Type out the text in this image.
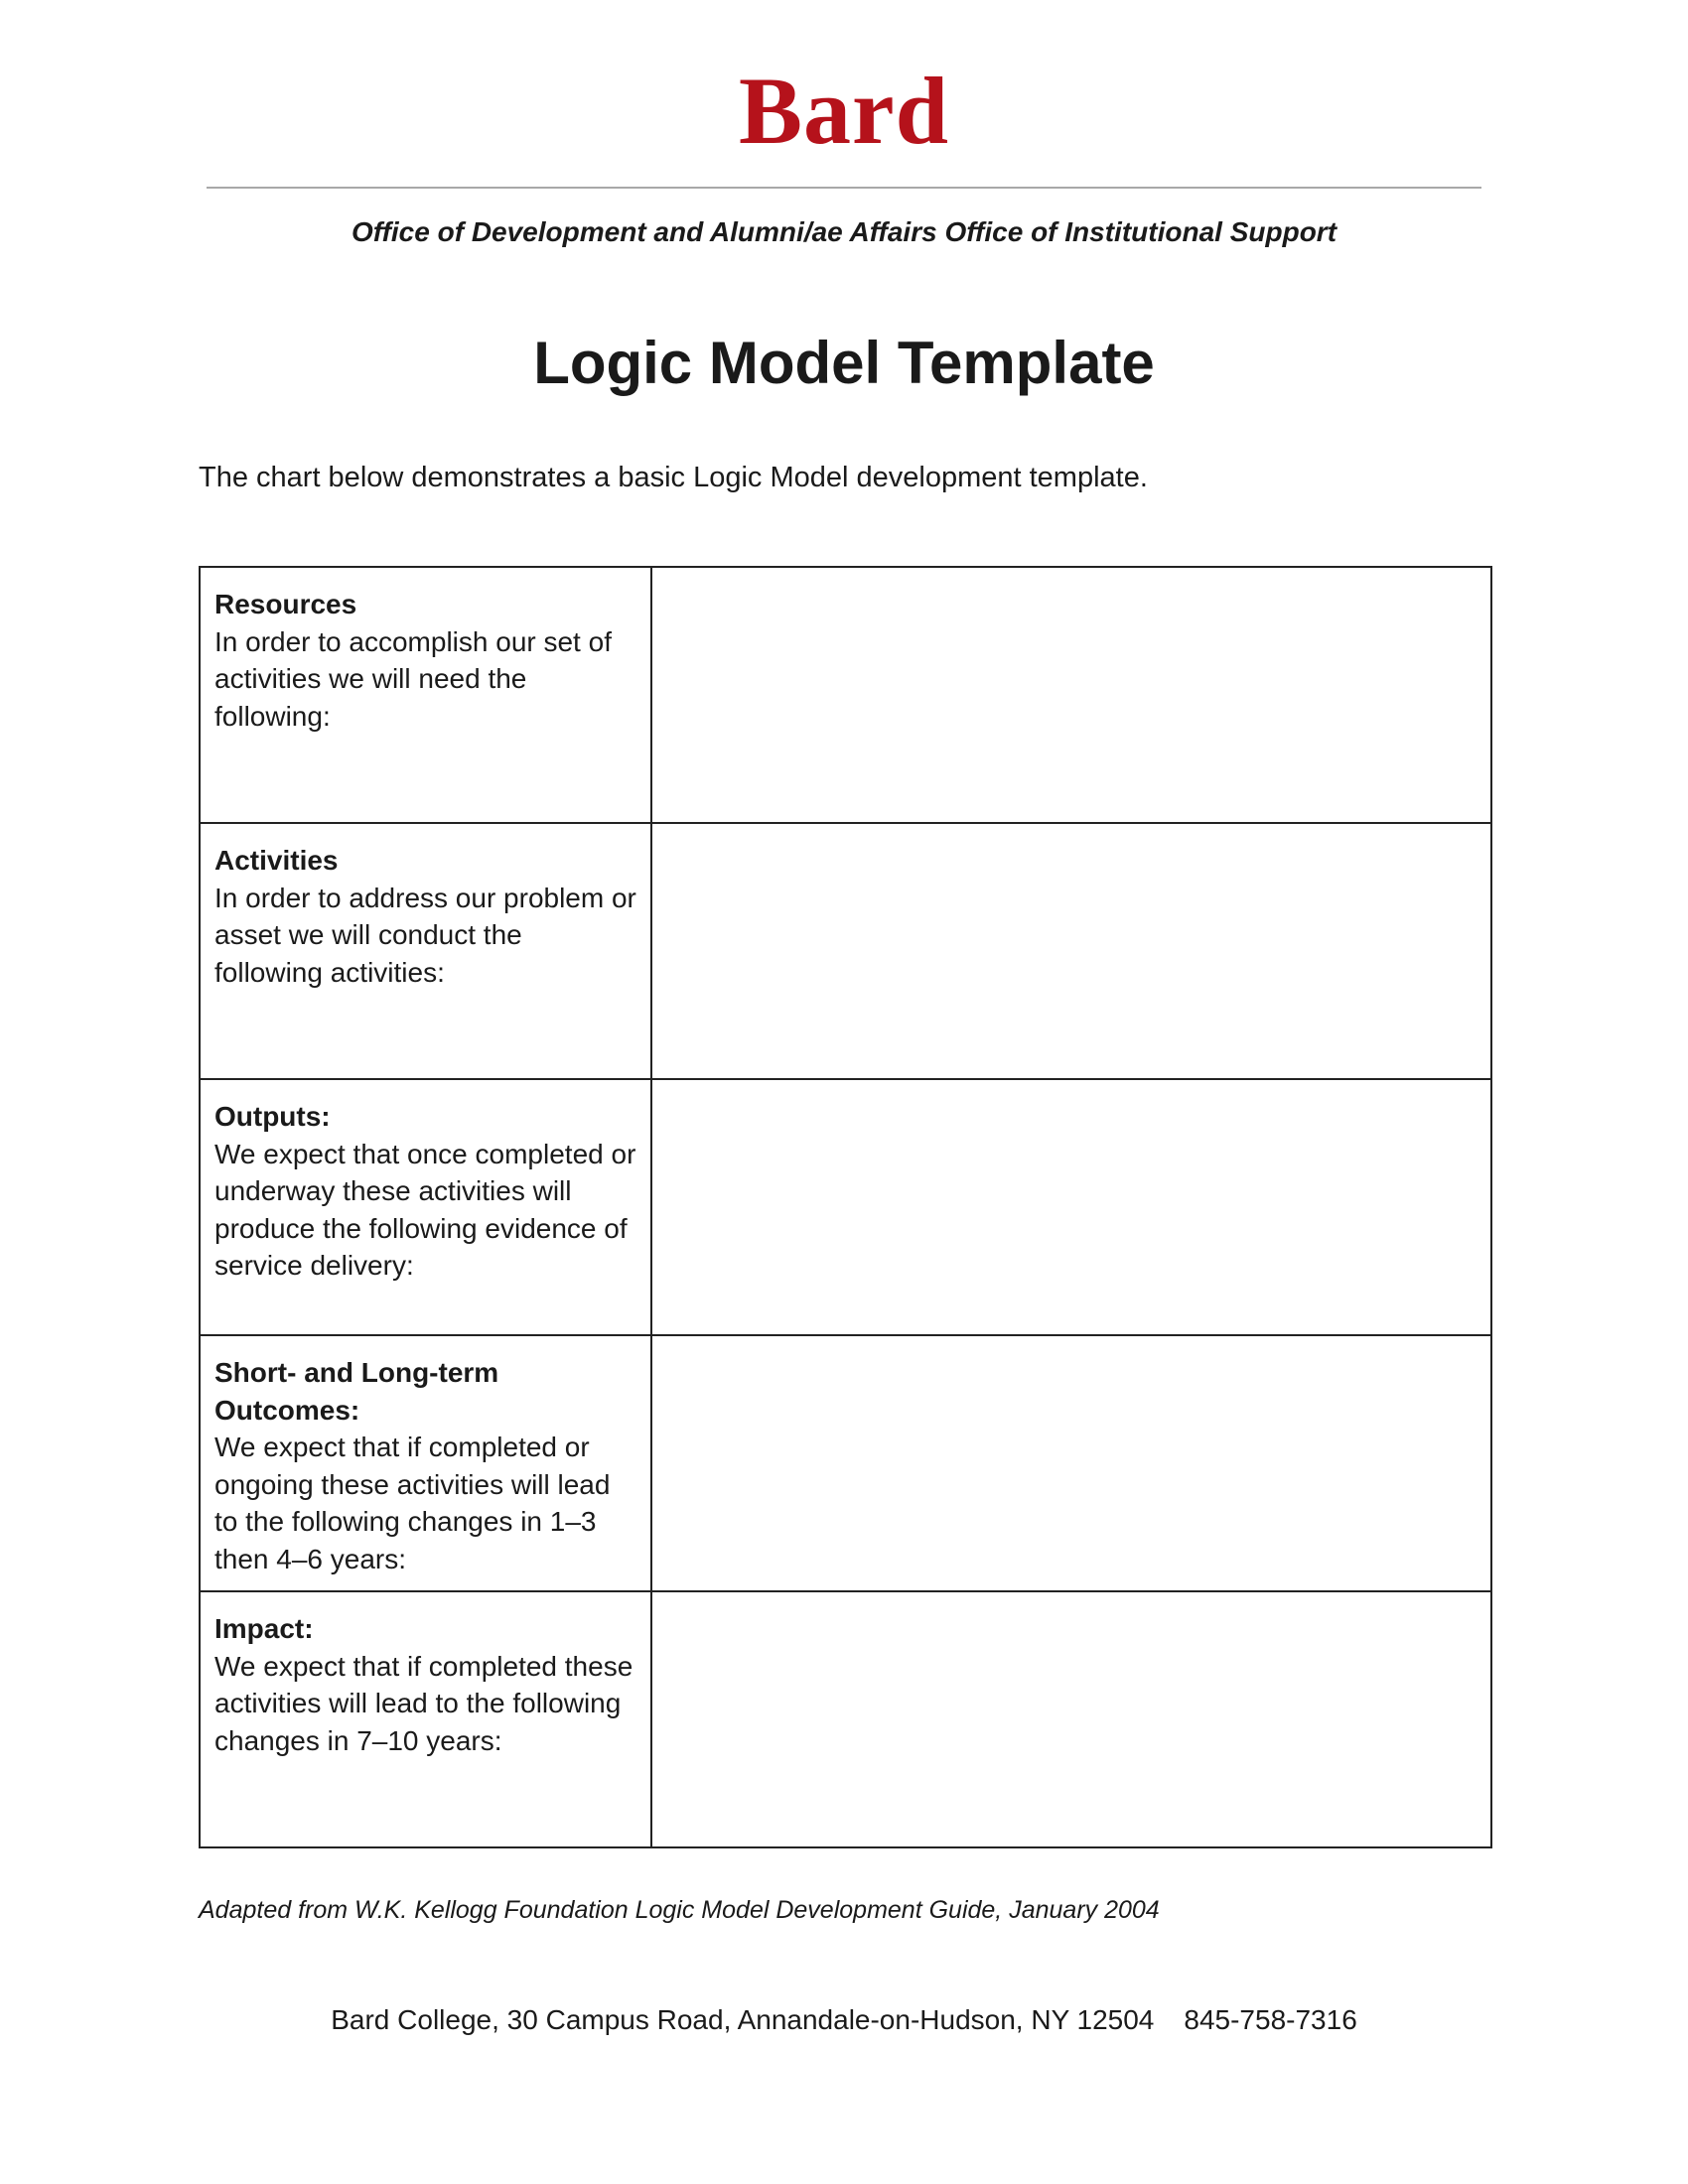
Bard
Office of Development and Alumni/ae Affairs Office of Institutional Support
Logic Model Template
The chart below demonstrates a basic Logic Model development template.
Resources
In order to accomplish our set of activities we will need the following:	

Activities
In order to address our problem or asset we will conduct the following activities:	

Outputs:
We expect that once completed or underway these activities will produce the following evidence of service delivery:	

Short- and Long-term Outcomes:
We expect that if completed or ongoing these activities will lead to the following changes in 1–3 then 4–6 years:	

Impact:
We expect that if completed these activities will lead to the following changes in 7–10 years:	

Adapted from W.K. Kellogg Foundation Logic Model Development Guide, January 2004
Bard College, 30 Campus Road, Annandale-on-Hudson, NY 12504 845-758-7316
